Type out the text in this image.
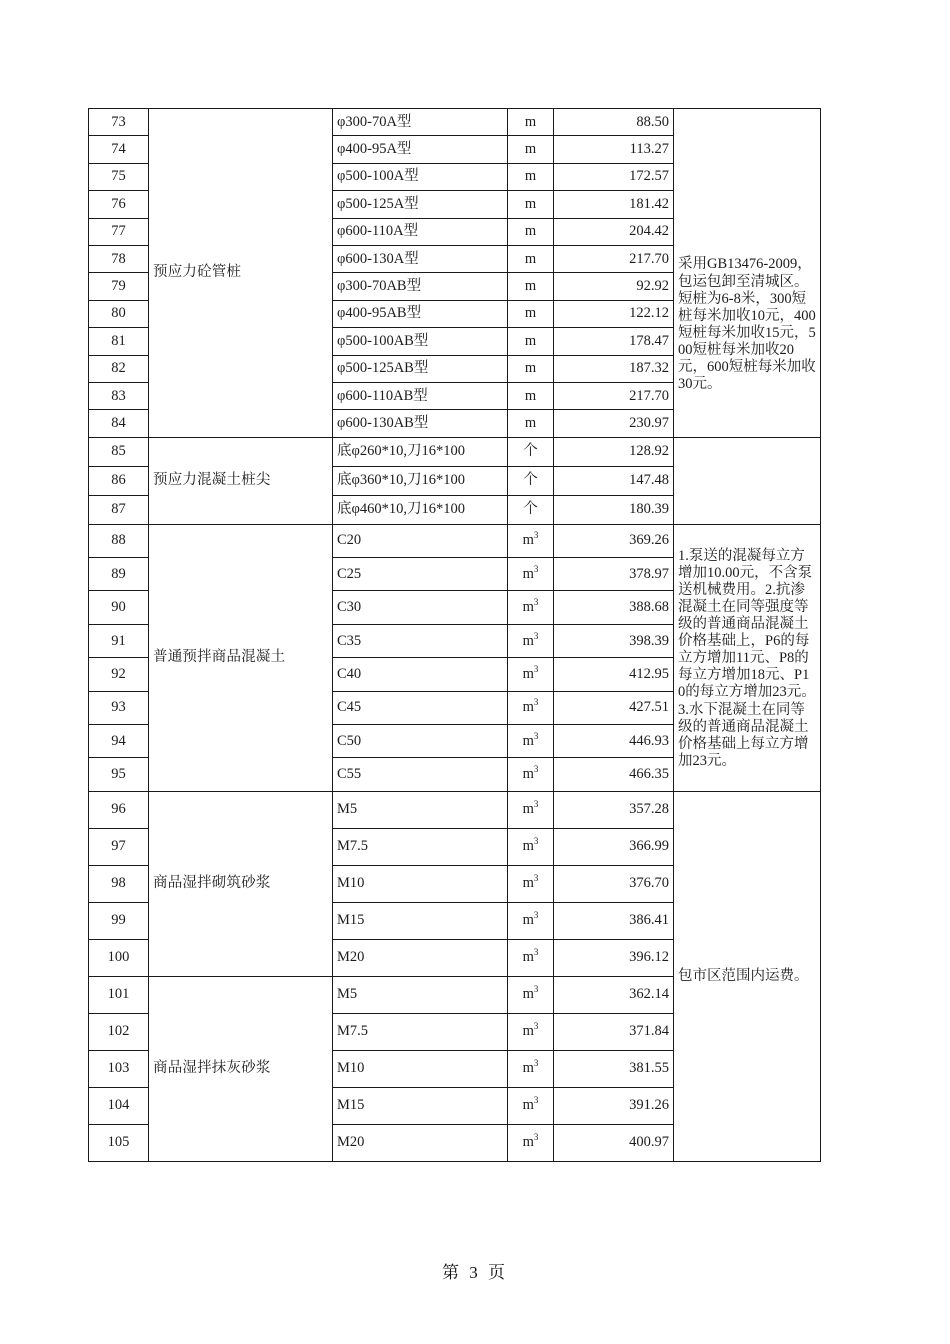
73	预应力砼管桩	φ300-70A型	m	88.50	采用GB13476-2009，包运包卸至清城区。短桩为6-8米，300短桩每米加收10元，400短桩每米加收15元，500短桩每米加收20元，600短桩每米加收30元。
74		φ400-95A型	m	113.27	
75		φ500-100A型	m	172.57	
76		φ500-125A型	m	181.42	
77		φ600-110A型	m	204.42	
78		φ600-130A型	m	217.70	
79		φ300-70AB型	m	92.92	
80		φ400-95AB型	m	122.12	
81		φ500-100AB型	m	178.47	
82		φ500-125AB型	m	187.32	
83		φ600-110AB型	m	217.70	
84		φ600-130AB型	m	230.97	
85	预应力混凝土桩尖	底φ260*10,刀16*100	个	128.92	
86		底φ360*10,刀16*100	个	147.48	
87		底φ460*10,刀16*100	个	180.39	
88	普通预拌商品混凝土	C20	$m^3$	369.26	1.泵送的混凝每立方增加10.00元，不含泵送机械费用。2.抗渗混凝土在同等强度等级的普通商品混凝土价格基础上，P6的每立方增加11元、P8的每立方增加18元、P10的每立方增加23元。3.水下混凝土在同等级的普通商品混凝土价格基础上每立方增加23元。
89		C25	$m^3$	378.97	
90		C30	$m^3$	388.68	
91		C35	$m^3$	398.39	
92		C40	$m^3$	412.95	
93		C45	$m^3$	427.51	
94		C50	$m^3$	446.93	
95		C55	$m^3$	466.35	
96	商品湿拌砌筑砂浆	M5	$m^3$	357.28	包市区范围内运费。
97		M7.5	$m^3$	366.99	
98		M10	$m^3$	376.70	
99		M15	$m^3$	386.41	
100		M20	$m^3$	396.12	
101	商品湿拌抹灰砂浆	M5	$m^3$	362.14	
102		M7.5	$m^3$	371.84	
103		M10	$m^3$	381.55	
104		M15	$m^3$	391.26	
105		M20	$m^3$	400.97	
第 3 页
